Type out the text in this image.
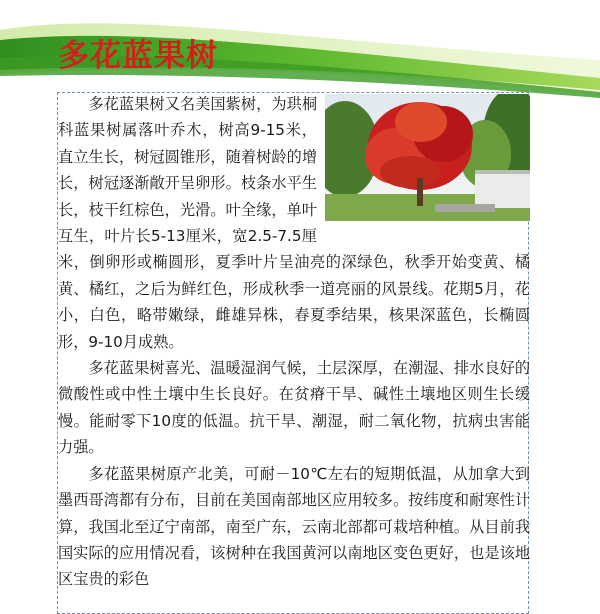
多花蓝果树

多花蓝果树又名美国紫树，为珙桐科蓝果树属落叶乔木，树高9-15米，直立生长，树冠圆锥形，随着树龄的增长，树冠逐渐敞开呈卵形。枝条水平生长，枝干红棕色，光滑。叶全缘，单叶互生，叶片长5-13厘米，宽2.5-7.5厘米，倒卵形或椭圆形，夏季叶片呈油亮的深绿色，秋季开始变黄、橘黄、橘红，之后为鲜红色，形成秋季一道亮丽的风景线。花期5月，花小，白色，略带嫩绿，雌雄异株，春夏季结果，核果深蓝色，长椭圆形，9-10月成熟。

多花蓝果树喜光、温暖湿润气候，土层深厚，在潮湿、排水良好的微酸性或中性土壤中生长良好。在贫瘠干旱、碱性土壤地区则生长缓慢。能耐零下10度的低温。抗干旱、潮湿，耐二氧化物，抗病虫害能力强。

多花蓝果树原产北美，可耐－10℃左右的短期低温，从加拿大到墨西哥湾都有分布，目前在美国南部地区应用较多。按纬度和耐寒性计算，我国北至辽宁南部，南至广东，云南北部都可栽培种植。从目前我国实际的应用情况看，该树种在我国黄河以南地区变色更好，也是该地区宝贵的彩色
